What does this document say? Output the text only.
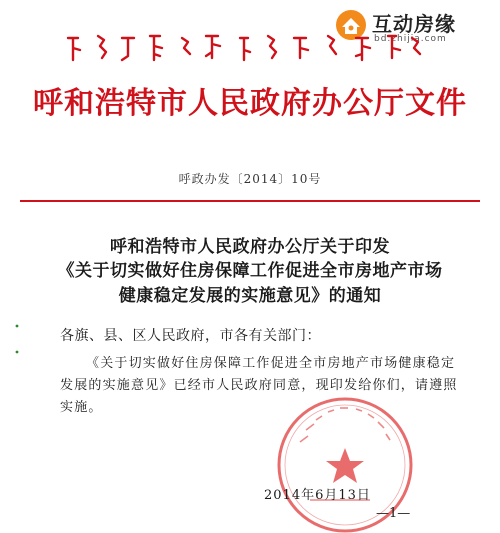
互动房缘
bd.zhijia.com
呼和浩特市人民政府办公厅文件
呼政办发〔2014〕10号
呼和浩特市人民政府办公厅关于印发
《关于切实做好住房保障工作促进全市房地产市场
健康稳定发展的实施意见》的通知
各旗、县、区人民政府，市各有关部门：
《关于切实做好住房保障工作促进全市房地产市场健康稳定
发展的实施意见》已经市人民政府同意，现印发给你们，请遵照
实施。
2014年6月13日
—1—
